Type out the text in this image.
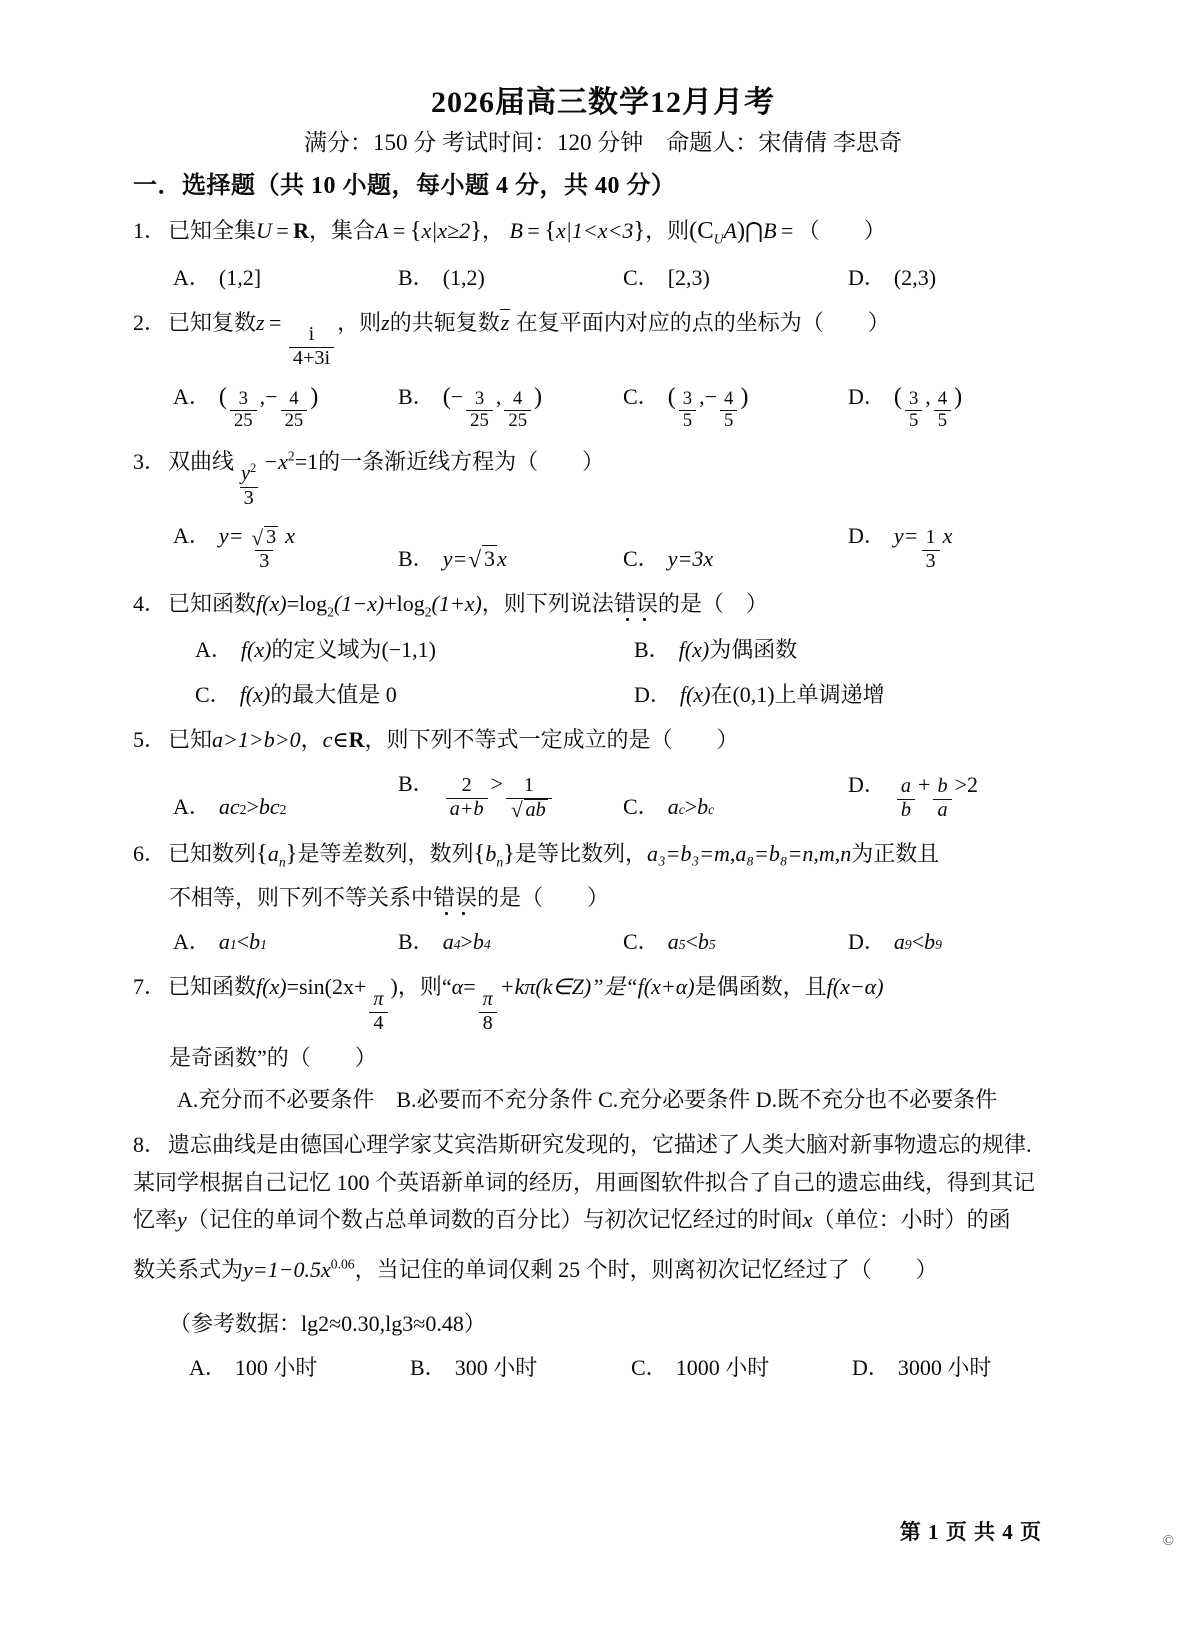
2026届高三数学12月月考
满分：150 分 考试时间：120 分钟　命题人：宋倩倩 李思奇
一．选择题（共 10 小题，每小题 4 分，共 40 分）
1．已知全集U = R，集合A = {x|x≥2}， B = {x|1<x<3}，则$(C_UA)⋂B$ = （　　）
A． (1,2]	B． (1,2)	C． [2,3)	D． (2,3)
2．已知复数z  = 
$\frac{i}{4+3i}$
，则z的共轭复数z 在复平面内对应的点的坐标为（　　）
A． ( $\frac{3}{25}$ , − $\frac{4}{25}$ )	B． ( − $\frac{3}{25}$ , $\frac{4}{25}$ )	C． ( $\frac{3}{5}$ , − $\frac{4}{5}$ )	D． ( $\frac{3}{5}$ , $\frac{4}{5}$ )
3．双曲线
$\frac{y^2}{3}$
$-x^2=1$的一条渐近线方程为（　　）
A． $y= \frac{√ 3}{3}$ x
B． y= √ 3 x	C． y= 3x
D． $y= \frac{1}{3}$ x
4．已知函数$f(x)=\log_2(1-x)+\log_2(1+x)$，则下列说法错误的是（　）
A． f(x) 的定义域为 (−1,1)	B． f(x) 为偶函数
C． f(x) 的最大值是 0	D． f(x) 在 (0,1) 上单调递增
5．已知a>1>b>0，c∈R，则下列不等式一定成立的是（　　）
A． ac 2 > bc 2
B． $\frac{2}{a+b} > \frac{1}{√ ab}$	C． a c > b c
D． $\frac{a}{b} + \frac{b}{a} > 2$
6．已知数列$\{a_n\}$是等差数列，数列$\{b_n\}$是等比数列，a₃=b₃=m,a₈=b₈=n,m,n为正数且
不相等，则下列不等关系中错误的是（　　）
A． a 1 < b 1	B． a 4 > b 4	C． a 5 < b 5	D． a 9 < b 9
7．已知函数f(x)=sin(2x+
$\frac{\pi}{4}$
)，则“α=
$\frac{\pi}{8}$
+kπ(k∈Z)”是“f(x+α)是偶函数，且f(x−α)
是奇函数”的（　　）
A.充分而不必要条件　B.必要而不充分条件 C.充分必要条件 D.既不充分也不必要条件
8．遗忘曲线是由德国心理学家艾宾浩斯研究发现的，它描述了人类大脑对新事物遗忘的规律.
某同学根据自己记忆 100 个英语新单词的经历，用画图软件拟合了自己的遗忘曲线，得到其记
忆率y（记住的单词个数占总单词数的百分比）与初次记忆经过的时间x（单位：小时）的函
数关系式为$y=1-0.5x^{0.06}$，当记住的单词仅剩 25 个时，则离初次记忆经过了（　　）
（参考数据：lg2≈0.30,lg3≈0.48）
A． 100 小时	B． 300 小时	C． 1000 小时	D． 3000 小时
第 1 页 共 4 页	©
